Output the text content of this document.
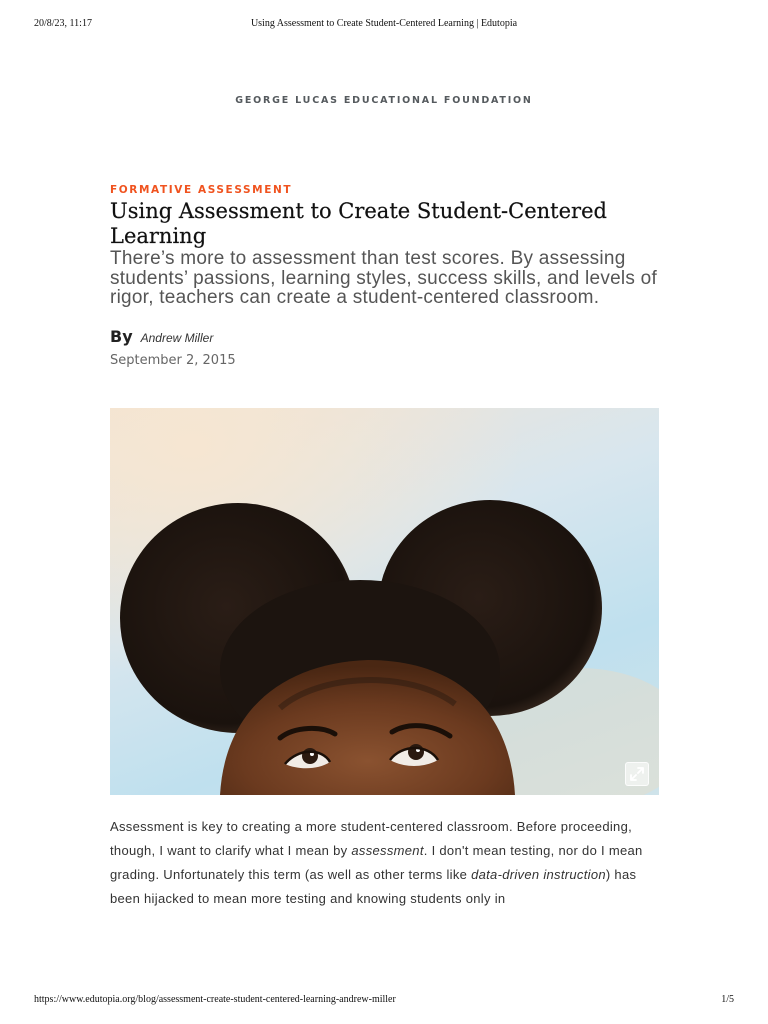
20/8/23, 11:17	Using Assessment to Create Student-Centered Learning | Edutopia
GEORGE LUCAS EDUCATIONAL FOUNDATION
FORMATIVE ASSESSMENT
Using Assessment to Create Student-Centered Learning

There’s more to assessment than test scores. By assessing students’ passions, learning styles, success skills, and levels of rigor, teachers can create a student-centered classroom.

By Andrew Miller
September 2, 2015

Assessment is key to creating a more student-centered classroom. Before proceeding, though, I want to clarify what I mean by assessment. I don't mean testing, nor do I mean grading. Unfortunately this term (as well as other terms like data-driven instruction) has been hijacked to mean more testing and knowing students only in

https://www.edutopia.org/blog/assessment-create-student-centered-learning-andrew-miller	1/5
